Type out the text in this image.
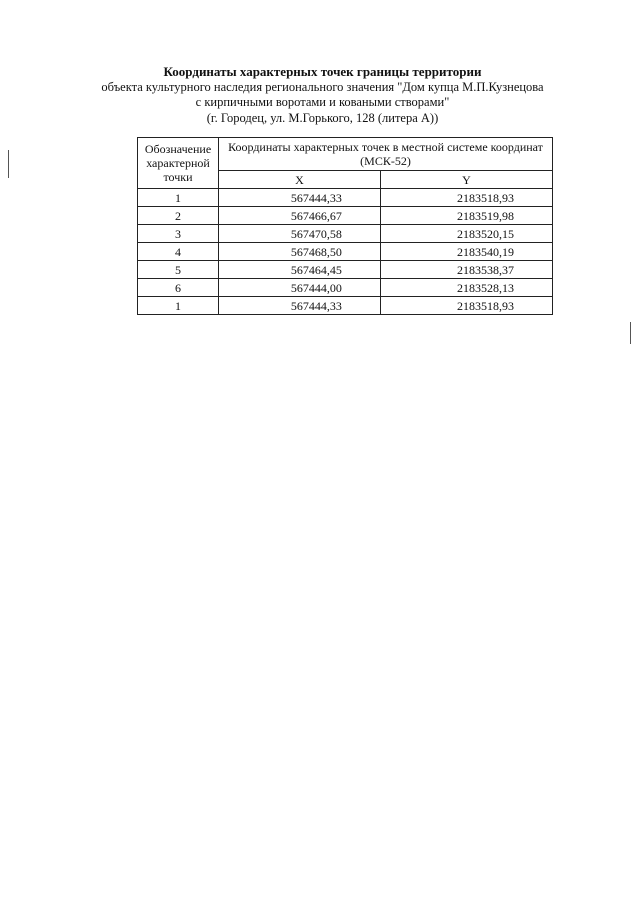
Координаты характерных точек границы территории
объекта культурного наследия регионального значения "Дом купца М.П.Кузнецова
с кирпичными воротами и коваными створами"
(г. Городец, ул. М.Горького, 128 (литера А))
Обозначение характерной точки	Координаты характерных точек в местной системе координат (МСК-52)	
	X	Y
1	567444,33	2183518,93
2	567466,67	2183519,98
3	567470,58	2183520,15
4	567468,50	2183540,19
5	567464,45	2183538,37
6	567444,00	2183528,13
1	567444,33	2183518,93
